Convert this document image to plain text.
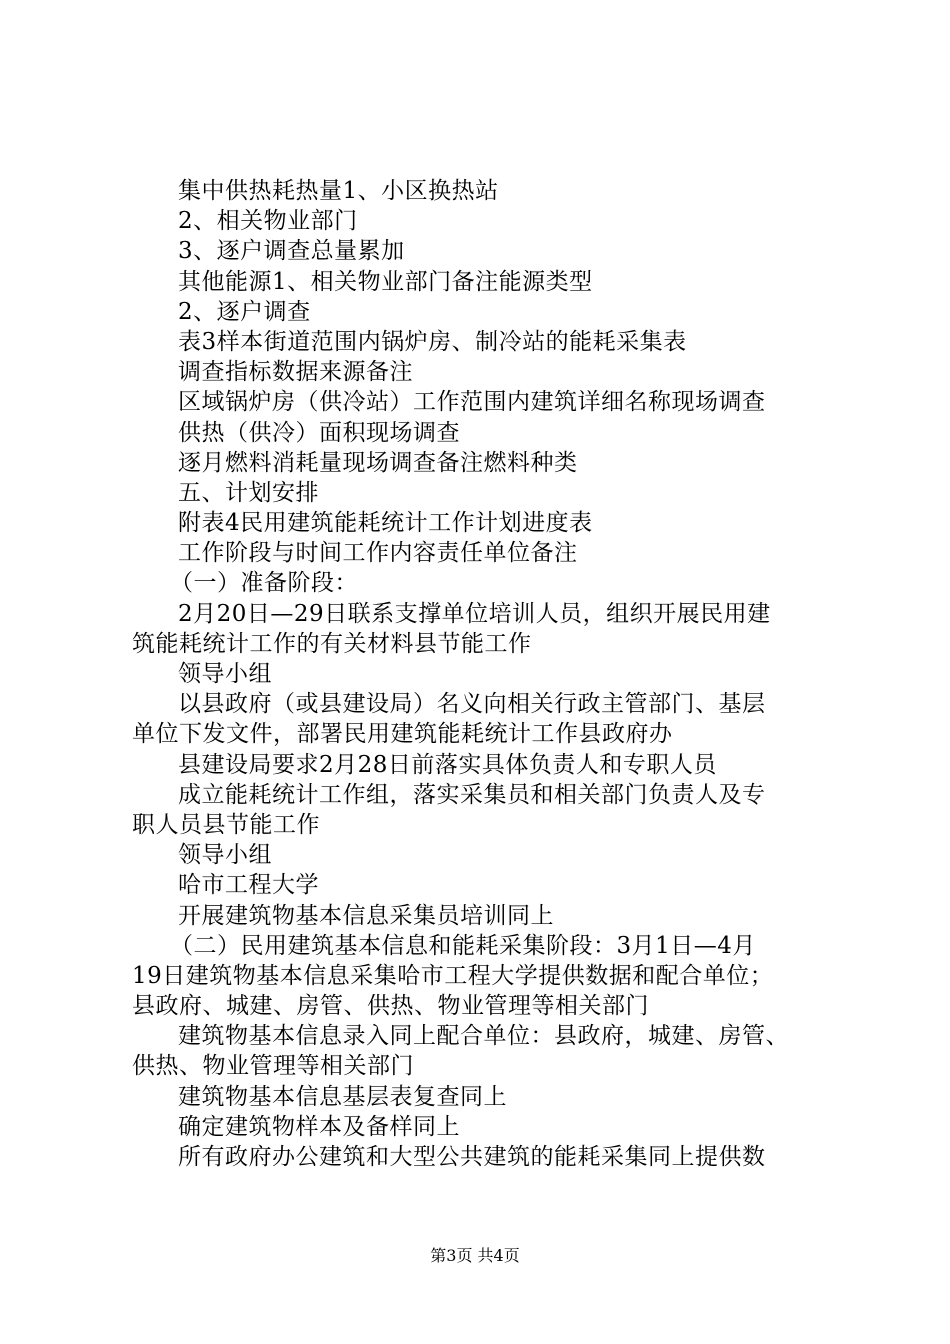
集中供热耗热量1、小区换热站
2、相关物业部门
3、逐户调查总量累加
其他能源1、相关物业部门备注能源类型
2、逐户调查
表3样本街道范围内锅炉房、制冷站的能耗采集表
调查指标数据来源备注
区域锅炉房（供冷站）工作范围内建筑详细名称现场调查
供热（供冷）面积现场调查
逐月燃料消耗量现场调查备注燃料种类
五、计划安排
附表4民用建筑能耗统计工作计划进度表
工作阶段与时间工作内容责任单位备注
（一）准备阶段：
2月20日—29日联系支撑单位培训人员，组织开展民用建
筑能耗统计工作的有关材料县节能工作
领导小组
以县政府（或县建设局）名义向相关行政主管部门、基层
单位下发文件，部署民用建筑能耗统计工作县政府办
县建设局要求2月28日前落实具体负责人和专职人员
成立能耗统计工作组，落实采集员和相关部门负责人及专
职人员县节能工作
领导小组
哈市工程大学
开展建筑物基本信息采集员培训同上
（二）民用建筑基本信息和能耗采集阶段：3月1日—4月
19日建筑物基本信息采集哈市工程大学提供数据和配合单位；
县政府、城建、房管、供热、物业管理等相关部门
建筑物基本信息录入同上配合单位：县政府，城建、房管、
供热、物业管理等相关部门
建筑物基本信息基层表复查同上
确定建筑物样本及备样同上
所有政府办公建筑和大型公共建筑的能耗采集同上提供数
第3页 共4页
